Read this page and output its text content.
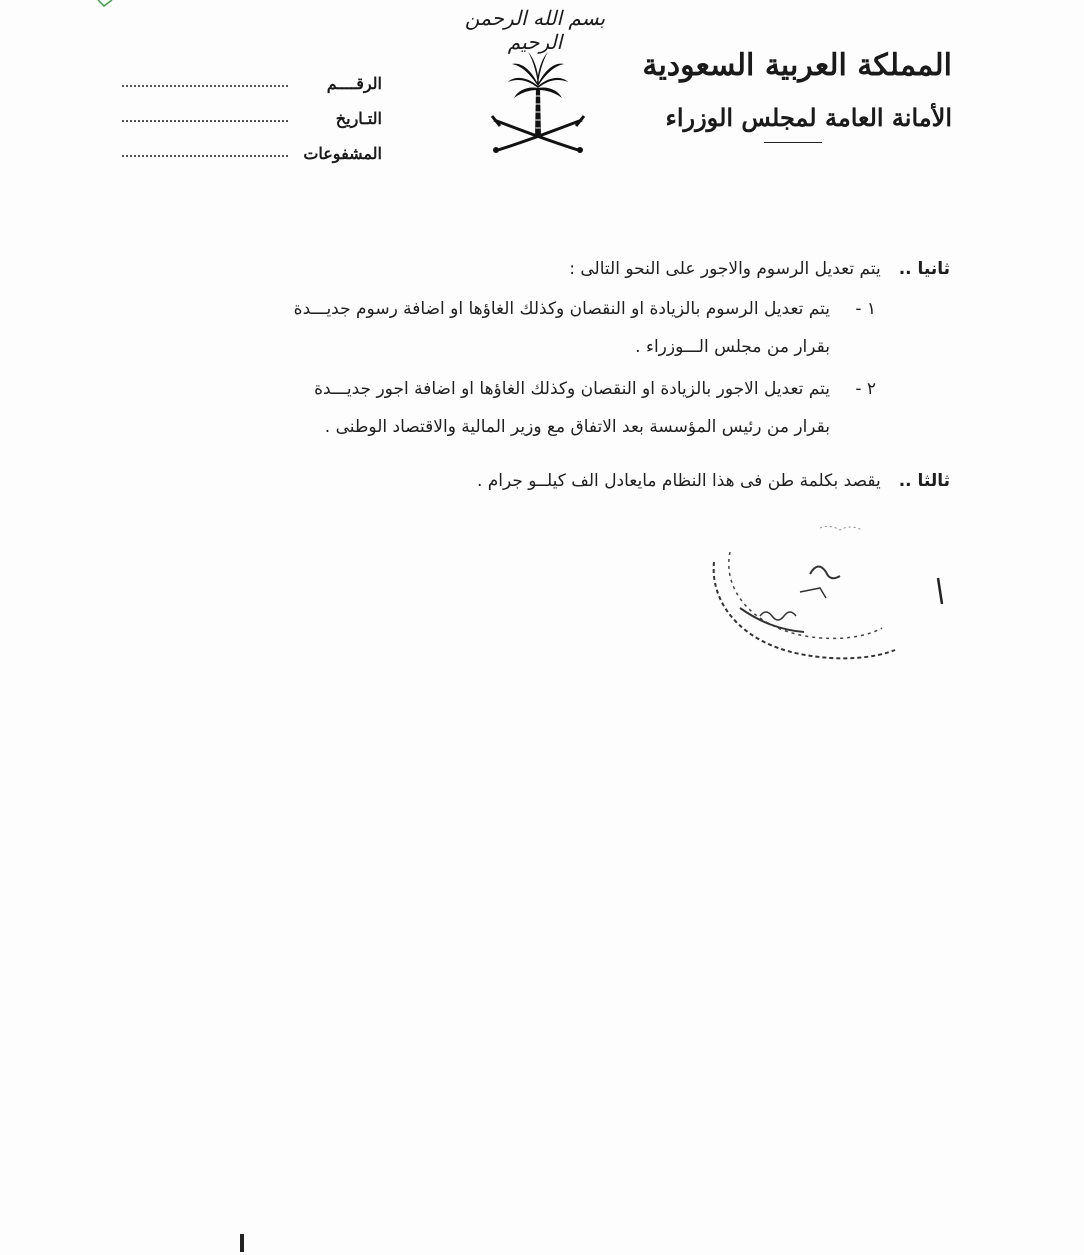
بسم الله الرحمن الرحيم
المملكة العربية السعودية
الأمانة العامة لمجلس الوزراء
الرقــــم
التـاريخ
المشفوعات
ثانيا ..يتم تعديل الرسوم والاجور على النحو التالى :
١ -
يتم تعديل الرسوم بالزيادة او النقصان وكذلك الغاؤها او اضافة رسوم جديـــدة
بقرار من مجلس الـــوزراء .
٢ -
يتم تعديل الاجور بالزيادة او النقصان وكذلك الغاؤها او اضافة اجور جديـــدة
بقرار من رئيس المؤسسة بعد الاتفاق مع وزير المالية والاقتصاد الوطنى .
ثالثا ..يقصد بكلمة طن فى هذا النظام مايعادل الف كيلــو جرام .
